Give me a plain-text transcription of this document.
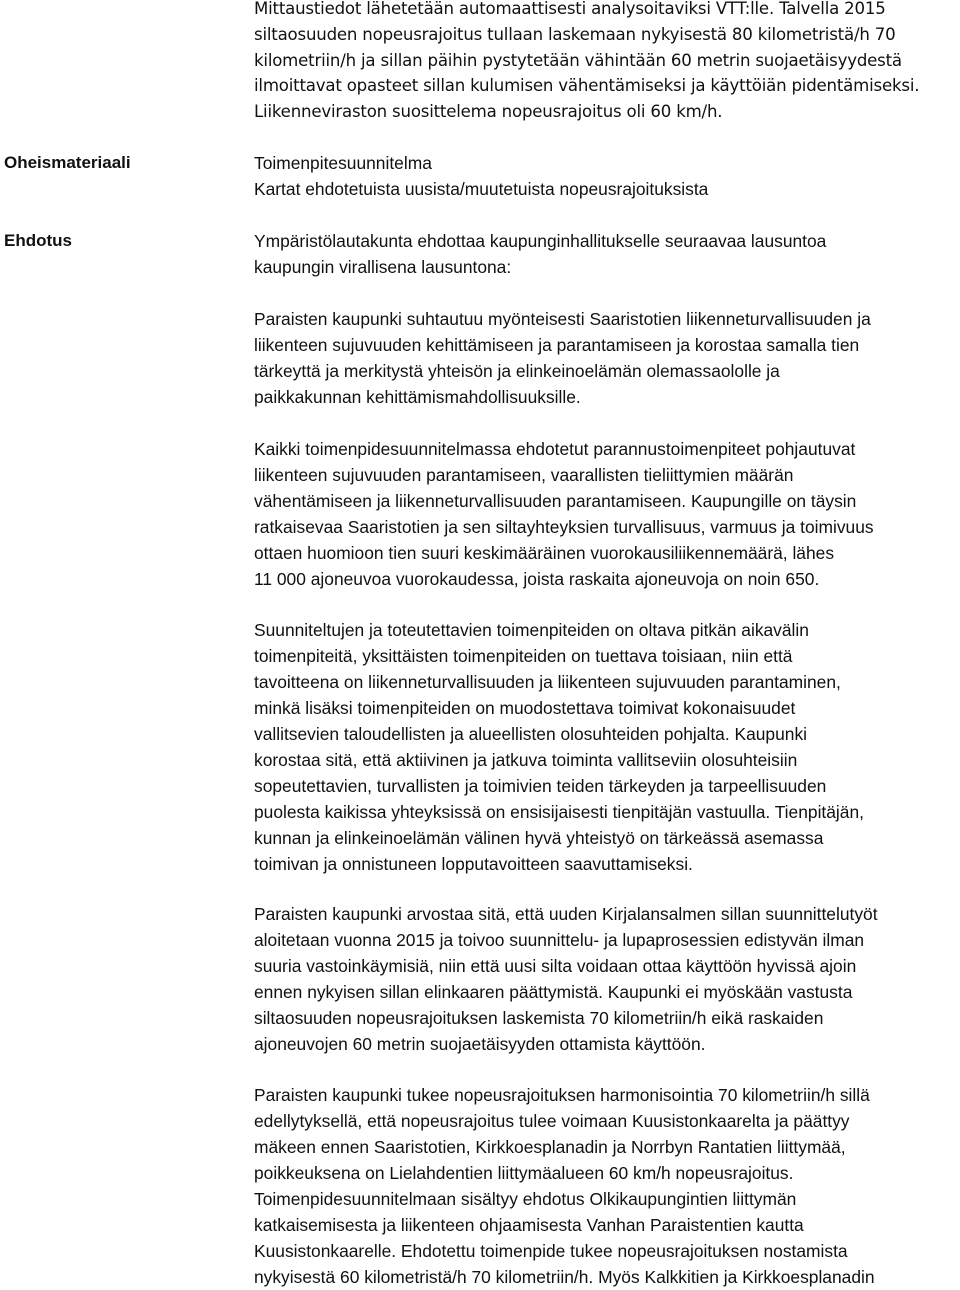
Mittaustiedot lähetetään automaattisesti analysoitaviksi VTT:lle. Talvella 2015
siltaosuuden nopeusrajoitus tullaan laskemaan nykyisestä 80 kilometristä/h 70
kilometriin/h ja sillan päihin pystytetään vähintään 60 metrin suojaetäisyydestä
ilmoittavat opasteet sillan kulumisen vähentämiseksi ja käyttöiän pidentämiseksi.
Liikenneviraston suosittelema nopeusrajoitus oli 60 km/h.
Oheismateriaali	Toimenpitesuunnitelma
Kartat ehdotetuista uusista/muutetuista nopeusrajoituksista
Ehdotus	Ympäristölautakunta ehdottaa kaupunginhallitukselle seuraavaa lausuntoa
kaupungin virallisena lausuntona:
Paraisten kaupunki suhtautuu myönteisesti Saaristotien liikenneturvallisuuden ja
liikenteen sujuvuuden kehittämiseen ja parantamiseen ja korostaa samalla tien
tärkeyttä ja merkitystä yhteisön ja elinkeinoelämän olemassaololle ja
paikkakunnan kehittämismahdollisuuksille.
Kaikki toimenpidesuunnitelmassa ehdotetut parannustoimenpiteet pohjautuvat
liikenteen sujuvuuden parantamiseen, vaarallisten tieliittymien määrän
vähentämiseen ja liikenneturvallisuuden parantamiseen. Kaupungille on täysin
ratkaisevaa Saaristotien ja sen siltayhteyksien turvallisuus, varmuus ja toimivuus
ottaen huomioon tien suuri keskimääräinen vuorokausiliikennemäärä, lähes
11 000 ajoneuvoa vuorokaudessa, joista raskaita ajoneuvoja on noin 650.
Suunniteltujen ja toteutettavien toimenpiteiden on oltava pitkän aikavälin
toimenpiteitä, yksittäisten toimenpiteiden on tuettava toisiaan, niin että
tavoitteena on liikenneturvallisuuden ja liikenteen sujuvuuden parantaminen,
minkä lisäksi toimenpiteiden on muodostettava toimivat kokonaisuudet
vallitsevien taloudellisten ja alueellisten olosuhteiden pohjalta. Kaupunki
korostaa sitä, että aktiivinen ja jatkuva toiminta vallitseviin olosuhteisiin
sopeutettavien, turvallisten ja toimivien teiden tärkeyden ja tarpeellisuuden
puolesta kaikissa yhteyksissä on ensisijaisesti tienpitäjän vastuulla. Tienpitäjän,
kunnan ja elinkeinoelämän välinen hyvä yhteistyö on tärkeässä asemassa
toimivan ja onnistuneen lopputavoitteen saavuttamiseksi.
Paraisten kaupunki arvostaa sitä, että uuden Kirjalansalmen sillan suunnittelutyöt
aloitetaan vuonna 2015 ja toivoo suunnittelu- ja lupaprosessien edistyvän ilman
suuria vastoinkäymisiä, niin että uusi silta voidaan ottaa käyttöön hyvissä ajoin
ennen nykyisen sillan elinkaaren päättymistä. Kaupunki ei myöskään vastusta
siltaosuuden nopeusrajoituksen laskemista 70 kilometriin/h eikä raskaiden
ajoneuvojen 60 metrin suojaetäisyyden ottamista käyttöön.
Paraisten kaupunki tukee nopeusrajoituksen harmonisointia 70 kilometriin/h sillä
edellytyksellä, että nopeusrajoitus tulee voimaan Kuusistonkaarelta ja päättyy
mäkeen ennen Saaristotien, Kirkkoesplanadin ja Norrbyn Rantatien liittymää,
poikkeuksena on Lielahdentien liittymäalueen 60 km/h nopeusrajoitus.
Toimenpidesuunnitelmaan sisältyy ehdotus Olkikaupungintien liittymän
katkaisemisesta ja liikenteen ohjaamisesta Vanhan Paraistentien kautta
Kuusistonkaarelle. Ehdotettu toimenpide tukee nopeusrajoituksen nostamista
nykyisestä 60 kilometristä/h 70 kilometriin/h. Myös Kalkkitien ja Kirkkoesplanadin
